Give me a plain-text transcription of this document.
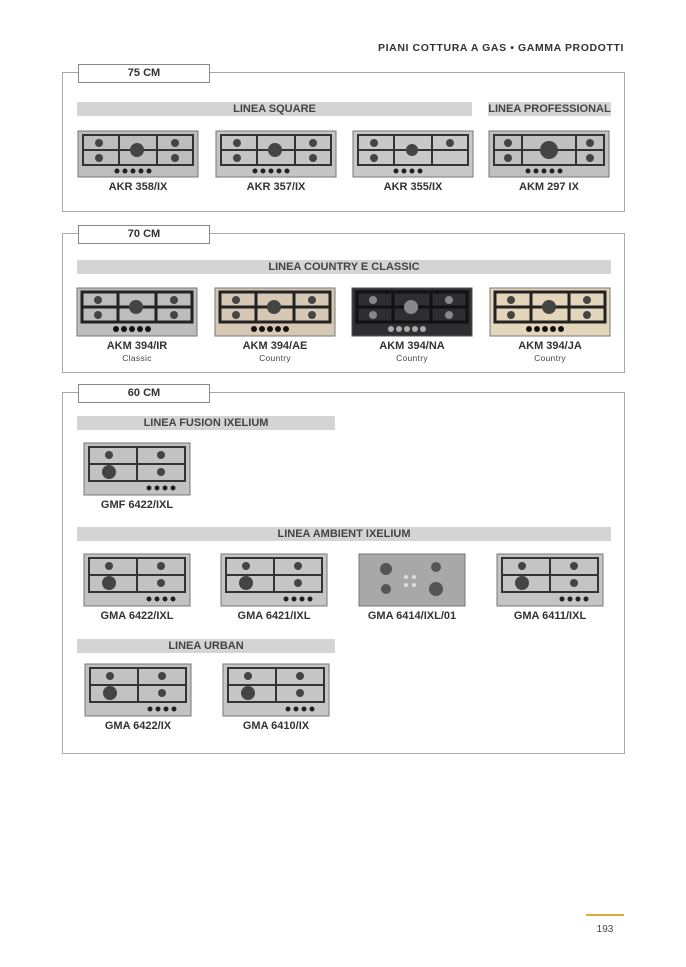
PIANI COTTURA A GAS • GAMMA PRODOTTI
75 CM
LINEA SQUARE	LINEA PROFESSIONAL
AKR 358/IX	AKR 357/IX	AKR 355/IX	AKM 297 IX
70 CM
LINEA COUNTRY E CLASSIC
AKM 394/IR
Classic
AKM 394/AE
Country
AKM 394/NA
Country
AKM 394/JA
Country
60 CM
LINEA FUSION IXELIUM
GMF 6422/IXL
LINEA AMBIENT IXELIUM
GMA 6422/IXL	GMA 6421/IXL	GMA 6414/IXL/01	GMA 6411/IXL
LINEA URBAN
GMA 6422/IX	GMA 6410/IX
193
